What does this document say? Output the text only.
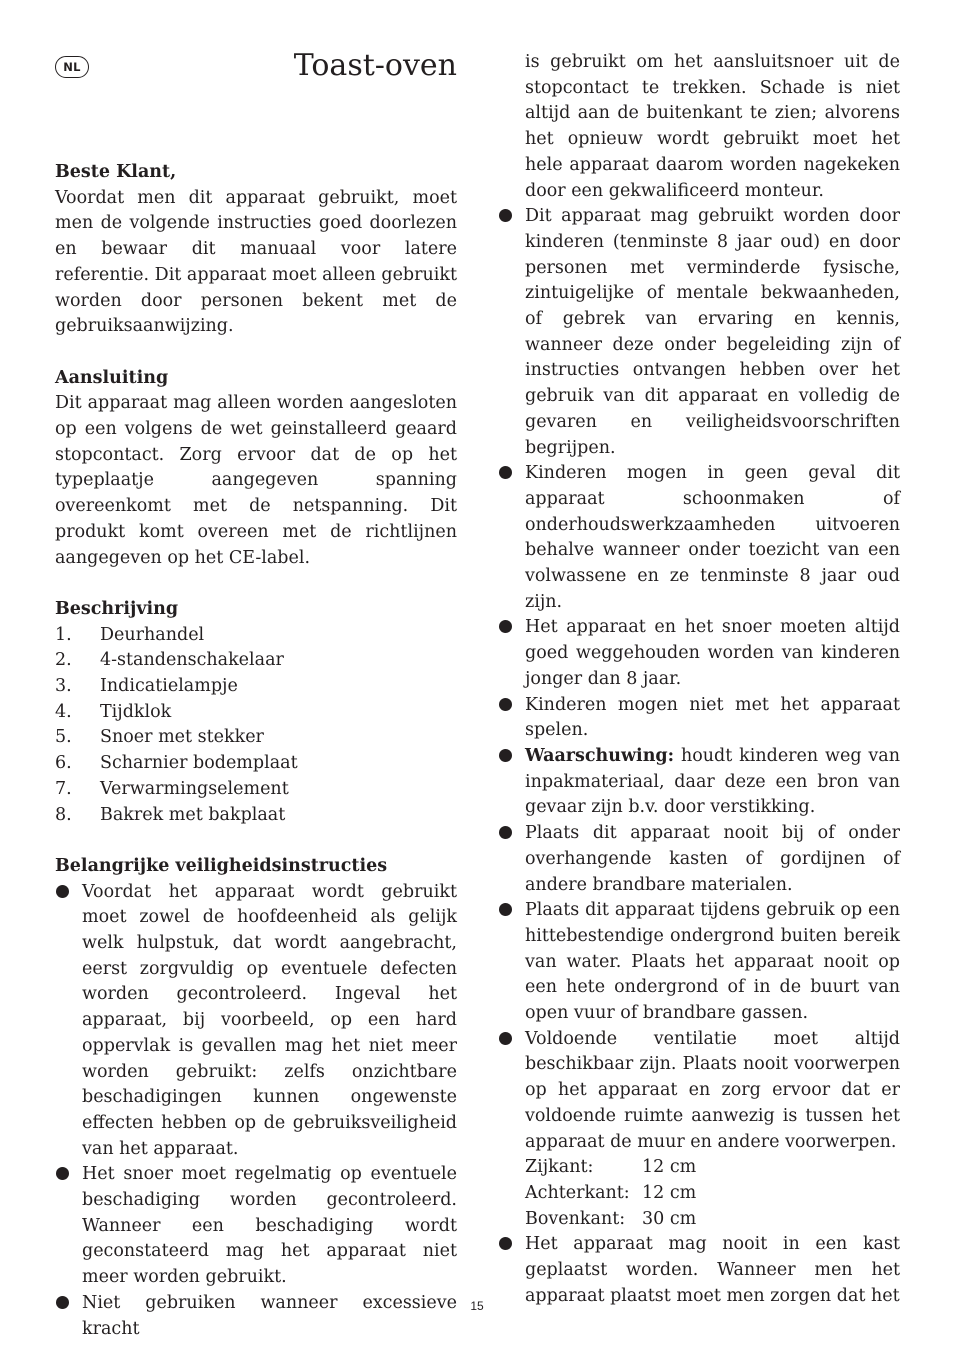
NL	Toast-oven

Beste Klant,

Voordat men dit apparaat gebruikt, moet men de volgende instructies goed doorlezen en bewaar dit manuaal voor latere referentie. Dit apparaat moet alleen gebruikt worden door personen bekent met de gebruiksaanwijzing.

Aansluiting

Dit apparaat mag alleen worden aangesloten op een volgens de wet geinstalleerd geaard stopcontact. Zorg ervoor dat de op het typeplaatje aangegeven spanning overeenkomt met de netspanning. Dit produkt komt overeen met de richtlijnen aangegeven op het CE-label.

Beschrijving

1.	Deurhandel
2.	4-standenschakelaar
3.	Indicatielampje
4.	Tijdklok
5.	Snoer met stekker
6.	Scharnier bodemplaat
7.	Verwarmingselement
8.	Bakrek met bakplaat

Belangrijke veiligheidsinstructies

Voordat het apparaat wordt gebruikt moet zowel de hoofdeenheid als gelijk welk hulpstuk, dat wordt aangebracht, eerst zorgvuldig op eventuele defecten worden gecontroleerd. Ingeval het apparaat, bij voorbeeld, op een hard oppervlak is gevallen mag het niet meer worden gebruikt: zelfs onzichtbare beschadigingen kunnen ongewenste effecten hebben op de gebruiksveiligheid van het apparaat.
Het snoer moet regelmatig op eventuele beschadiging worden gecontroleerd. Wanneer een beschadiging wordt geconstateerd mag het apparaat niet meer worden gebruikt.
Niet gebruiken wanneer excessieve kracht

is gebruikt om het aansluitsnoer uit de stopcontact te trekken. Schade is niet altijd aan de buitenkant te zien; alvorens het opnieuw wordt gebruikt moet het hele apparaat daarom worden nagekeken door een gekwalificeerd monteur.

Dit apparaat mag gebruikt worden door kinderen (tenminste 8 jaar oud) en door personen met verminderde fysische, zintuigelijke of mentale bekwaanheden, of gebrek van ervaring en kennis, wanneer deze onder begeleiding zijn of instructies ontvangen hebben over het gebruik van dit apparaat en volledig de gevaren en veiligheidsvoorschriften begrijpen.
Kinderen mogen in geen geval dit apparaat schoonmaken of onderhoudswerkzaamheden uitvoeren behalve wanneer onder toezicht van een volwassene en ze tenminste 8 jaar oud zijn.
Het apparaat en het snoer moeten altijd goed weggehouden worden van kinderen jonger dan 8 jaar.
Kinderen mogen niet met het apparaat spelen.
Waarschuwing: houdt kinderen weg van inpakmateriaal, daar deze een bron van gevaar zijn b.v. door verstikking.
Plaats dit apparaat nooit bij of onder overhangende kasten of gordijnen of andere brandbare materialen.
Plaats dit apparaat tijdens gebruik op een hittebestendige ondergrond buiten bereik van water. Plaats het apparaat nooit op een hete ondergrond of in de buurt van open vuur of brandbare gassen.
Voldoende ventilatie moet altijd beschikbaar zijn. Plaats nooit voorwerpen op het apparaat en zorg ervoor dat er voldoende ruimte aanwezig is tussen het apparaat de muur en andere voorwerpen.
Zijkant:	12 cm
Achterkant: 12 cm
Bovenkant: 30 cm
Het apparaat mag nooit in een kast geplaatst worden. Wanneer men het apparaat plaatst moet men zorgen dat het
15
